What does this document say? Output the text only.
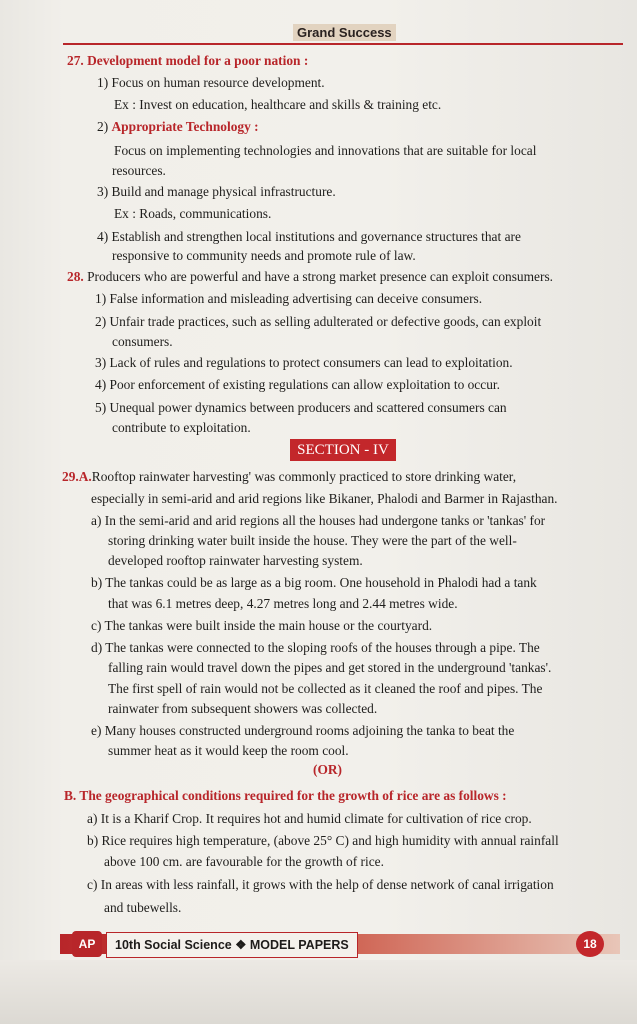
Grand Success
27. Development model for a poor nation :
1) Focus on human resource development.
Ex : Invest on education, healthcare and skills & training etc.
2) Appropriate Technology :
Focus on implementing technologies and innovations that are suitable for local
resources.
3) Build and manage physical infrastructure.
Ex : Roads, communications.
4) Establish and strengthen local institutions and governance structures that are
responsive to community needs and promote rule of law.
28. Producers who are powerful and have a strong market presence can exploit consumers.
1) False information and misleading advertising can deceive consumers.
2) Unfair trade practices, such as selling adulterated or defective goods, can exploit
consumers.
3) Lack of rules and regulations to protect consumers can lead to exploitation.
4) Poor enforcement of existing regulations can allow exploitation to occur.
5) Unequal power dynamics between producers and scattered consumers can
contribute to exploitation.
29.A.Rooftop rainwater harvesting' was commonly practiced to store drinking water,
especially in semi-arid and arid regions like Bikaner, Phalodi and Barmer in Rajasthan.
a) In the semi-arid and arid regions all the houses had undergone tanks or 'tankas' for
storing drinking water built inside the house. They were the part of the well-
developed rooftop rainwater harvesting system.
b) The tankas could be as large as a big room. One household in Phalodi had a tank
that was 6.1 metres deep, 4.27 metres long and 2.44 metres wide.
c) The tankas were built inside the main house or the courtyard.
d) The tankas were connected to the sloping roofs of the houses through a pipe. The
falling rain would travel down the pipes and get stored in the underground 'tankas'.
The first spell of rain would not be collected as it cleaned the roof and pipes. The
rainwater from subsequent showers was collected.
e) Many houses constructed underground rooms adjoining the tanka to beat the
summer heat as it would keep the room cool.
B. The geographical conditions required for the growth of rice are as follows :
a) It is a Kharif Crop. It requires hot and humid climate for cultivation of rice crop.
b) Rice requires high temperature, (above 25° C) and high humidity with annual rainfall
above 100 cm. are favourable for the growth of rice.
c) In areas with less rainfall, it grows with the help of dense network of canal irrigation
and tubewells.
SECTION - IV
(OR)
AP	10th Social Science ❖ MODEL PAPERS	18
